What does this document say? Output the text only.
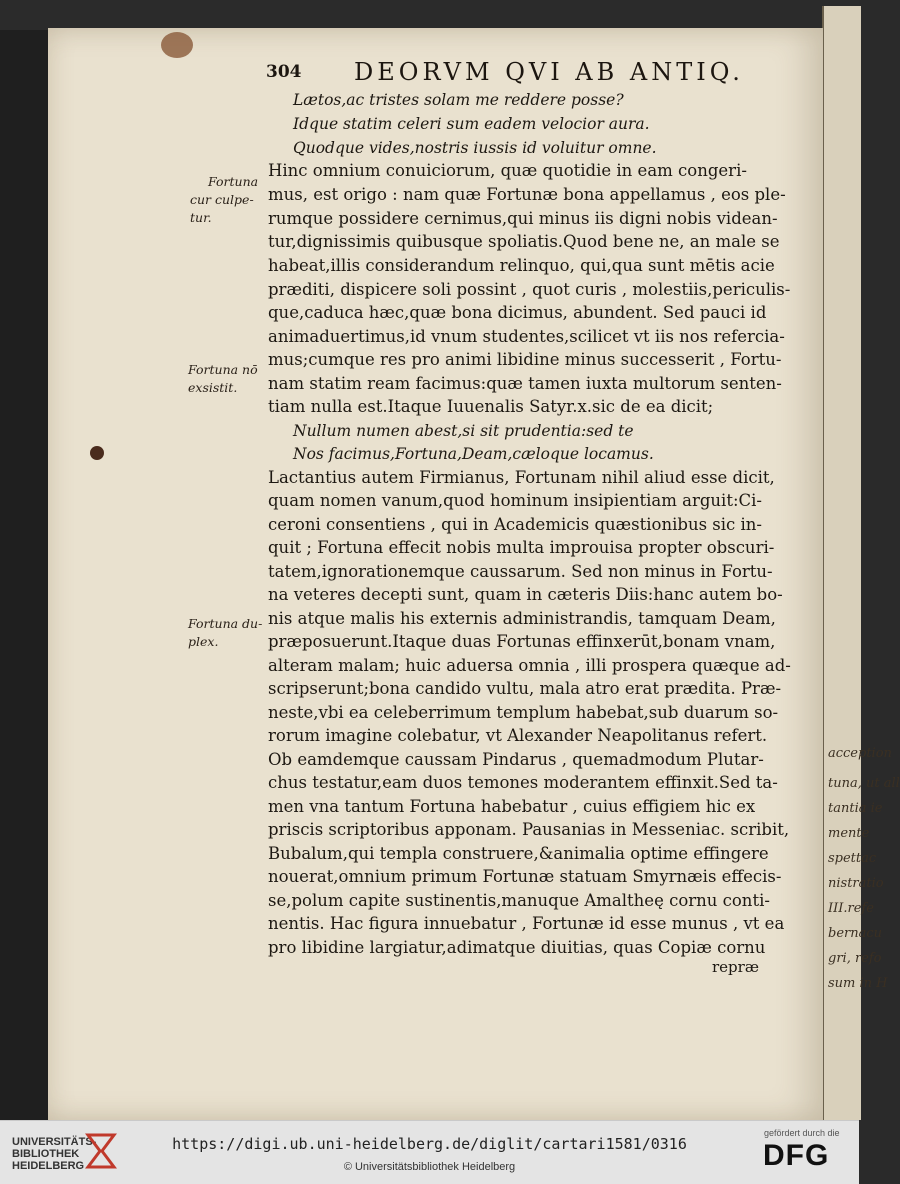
acception
tuna, ut all
tantia ie
mente
spettac
nistratio
III.refe
bernacu
gri, refo
sum in H
304 DEORVM QVI AB ANTIQ.
Lætos,ac tristes solam me reddere posse?
Idque statim celeri sum eadem velocior aura.
Quodque vides,nostris iussis id voluitur omne.
Hinc omnium conuiciorum, quæ quotidie in eam congeri-
mus, est origo : nam quæ Fortunæ bona appellamus , eos ple-
rumque possidere cernimus,qui minus iis digni nobis videan-
tur,dignissimis quibusque spoliatis.Quod bene ne, an male se
habeat,illis considerandum relinquo, qui,qua sunt mētis acie
præditi, dispicere soli possint , quot curis , molestiis,periculis-
que,caduca hæc,quæ bona dicimus, abundent. Sed pauci id
animaduertimus,id vnum studentes,scilicet vt iis nos refercia-
mus;cumque res pro animi libidine minus successerit , Fortu-
nam statim ream facimus:quæ tamen iuxta multorum senten-
tiam nulla est.Itaque Iuuenalis Satyr.x.sic de ea dicit;
Nullum numen abest,si sit prudentia:sed te
Nos facimus,Fortuna,Deam,cæloque locamus.
Lactantius autem Firmianus, Fortunam nihil aliud esse dicit,
quam nomen vanum,quod hominum insipientiam arguit:Ci-
ceroni consentiens , qui in Academicis quæstionibus sic in-
quit ; Fortuna effecit nobis multa improuisa propter obscuri-
tatem,ignorationemque caussarum. Sed non minus in Fortu-
na veteres decepti sunt, quam in cæteris Diis:hanc autem bo-
nis atque malis his externis administrandis, tamquam Deam,
præposuerunt.Itaque duas Fortunas effinxerūt,bonam vnam,
alteram malam; huic aduersa omnia , illi prospera quæque ad-
scripserunt;bona candido vultu, mala atro erat prædita. Præ-
neste,vbi ea celeberrimum templum habebat,sub duarum so-
rorum imagine colebatur, vt Alexander Neapolitanus refert.
Ob eamdemque caussam Pindarus , quemadmodum Plutar-
chus testatur,eam duos temones moderantem effinxit.Sed ta-
men vna tantum Fortuna habebatur , cuius effigiem hic ex
priscis scriptoribus apponam. Pausanias in Messeniac. scribit,
Bubalum,qui templa construere,&animalia optime effingere
nouerat,omnium primum Fortunæ statuam Smyrnæis effecis-
se,polum capite sustinentis,manuque Amaltheę cornu conti-
nentis. Hac figura innuebatur , Fortunæ id esse munus , vt ea
pro libidine largiatur,adimatque diuitias, quas Copiæ cornu
repræ
Fortuna
cur culpe-
tur.
Fortuna nō
exsistit.
Fortuna du-
plex.
UNIVERSITÄTS-
BIBLIOTHEK
HEIDELBERG
https://digi.ub.uni-heidelberg.de/diglit/cartari1581/0316
© Universitätsbibliothek Heidelberg
gefördert durch die
DFG
